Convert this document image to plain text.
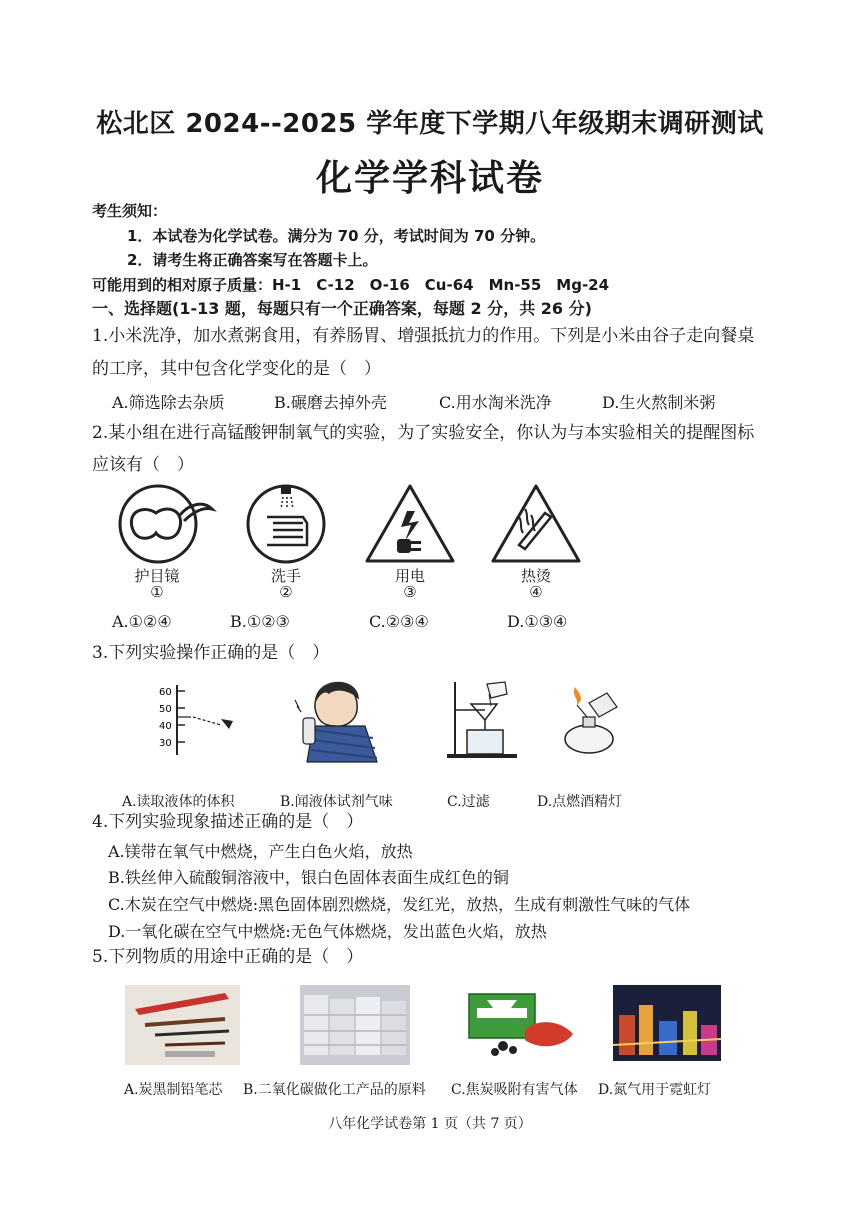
松北区 2024--2025 学年度下学期八年级期末调研测试
化学学科试卷
考生须知：
1．本试卷为化学试卷。满分为 70 分，考试时间为 70 分钟。
2．请考生将正确答案写在答题卡上。
可能用到的相对原子质量：H-1　C-12　O-16　Cu-64　Mn-55　Mg-24
一、选择题(1-13 题，每题只有一个正确答案，每题 2 分，共 26 分)
1.小米洗净，加水煮粥食用，有养肠胃、增强抵抗力的作用。下列是小米由谷子走向餐桌
的工序，其中包含化学变化的是（　）
A.筛选除去杂质	B.碾磨去掉外壳	C.用水淘米洗净	D.生火熬制米粥
2.某小组在进行高锰酸钾制氧气的实验，为了实验安全，你认为与本实验相关的提醒图标
应该有（　）
护目镜
①
洗手
②
用电
③
热烫
④
A.①②④	B.①②③	C.②③④	D.①③④
3.下列实验操作正确的是（　）
60
50
40
30
A.读取液体的体积	B.闻液体试剂气味	C.过滤	D.点燃酒精灯
4.下列实验现象描述正确的是（　）
A.镁带在氧气中燃烧，产生白色火焰，放热
B.铁丝伸入硫酸铜溶液中，银白色固体表面生成红色的铜
C.木炭在空气中燃烧:黑色固体剧烈燃烧，发红光，放热，生成有刺激性气味的气体
D.一氧化碳在空气中燃烧:无色气体燃烧，发出蓝色火焰，放热
5.下列物质的用途中正确的是（　）
A.炭黑制铅笔芯 B.二氧化碳做化工产品的原料 C.焦炭吸附有害气体 D.氮气用于霓虹灯
八年化学试卷第 1 页（共 7 页）
